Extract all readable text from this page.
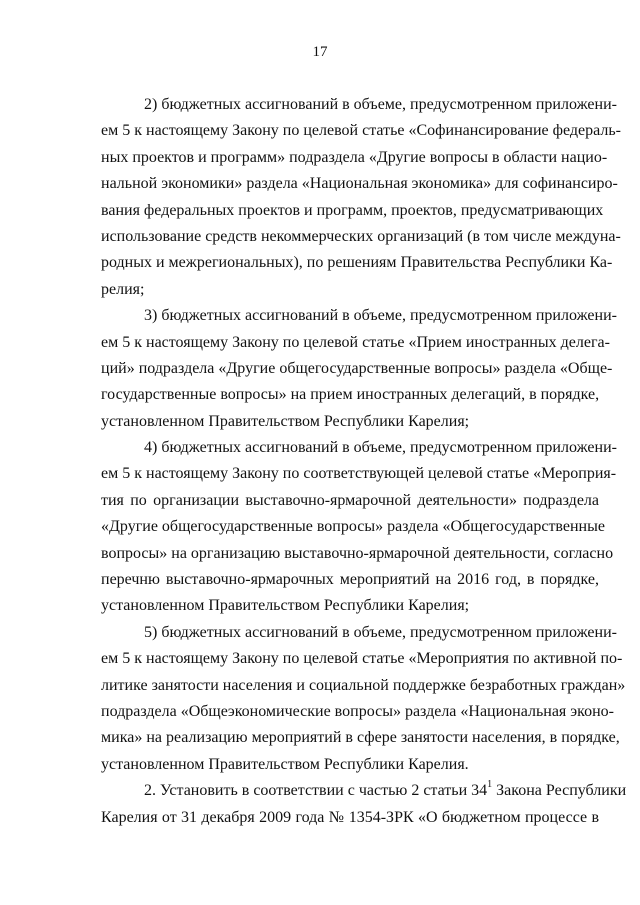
17
2) бюджетных ассигнований в объеме, предусмотренном приложени-
ем 5 к настоящему Закону по целевой статье «Софинансирование федераль-
ных проектов и программ» подраздела «Другие вопросы в области нацио-
нальной экономики» раздела «Национальная экономика» для софинансиро-
вания федеральных проектов и программ, проектов, предусматривающих
использование средств некоммерческих организаций (в том числе междуна-
родных и межрегиональных), по решениям Правительства Республики Ка-
релия;
3) бюджетных ассигнований в объеме, предусмотренном приложени-
ем 5 к настоящему Закону по целевой статье «Прием иностранных делега-
ций» подраздела «Другие общегосударственные вопросы» раздела «Обще-
государственные вопросы» на прием иностранных делегаций, в порядке,
установленном Правительством Республики Карелия;
4) бюджетных ассигнований в объеме, предусмотренном приложени-
ем 5 к настоящему Закону по соответствующей целевой статье «Мероприя-
тия по организации выставочно-ярмарочной деятельности» подраздела
«Другие общегосударственные вопросы» раздела «Общегосударственные
вопросы» на организацию выставочно-ярмарочной деятельности, согласно
перечню выставочно-ярмарочных мероприятий на 2016 год, в порядке,
установленном Правительством Республики Карелия;
5) бюджетных ассигнований в объеме, предусмотренном приложени-
ем 5 к настоящему Закону по целевой статье «Мероприятия по активной по-
литике занятости населения и социальной поддержке безработных граждан»
подраздела «Общеэкономические вопросы» раздела «Национальная эконо-
мика» на реализацию мероприятий в сфере занятости населения, в порядке,
установленном Правительством Республики Карелия.
2. Установить в соответствии с частью 2 статьи $34^1$ Закона Республики
Карелия от 31 декабря 2009 года № 1354-ЗРК «О бюджетном процессе в
